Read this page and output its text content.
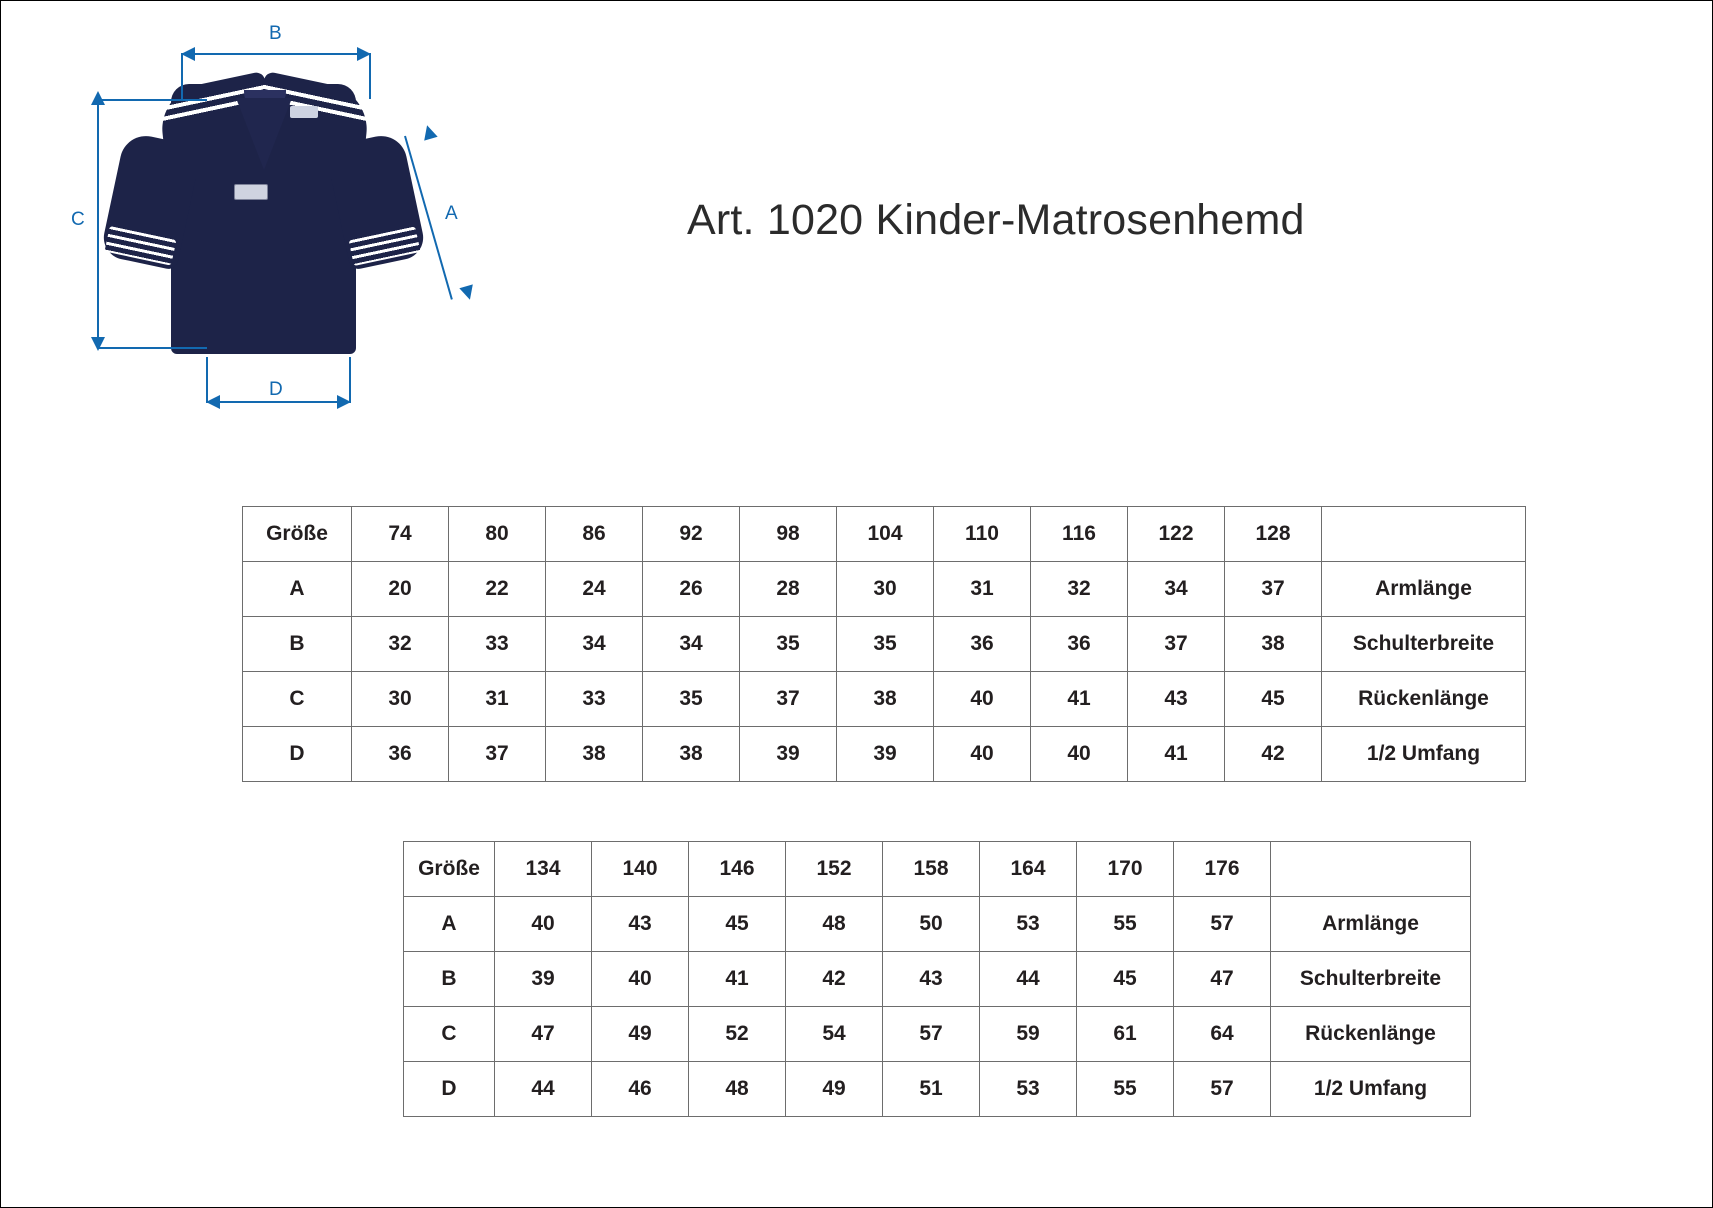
B
C	A
D
Art. 1020 Kinder-Matrosenhemd
Größe	74	80	86	92	98	104	110	116	122	128	
A	20	22	24	26	28	30	31	32	34	37	Armlänge
B	32	33	34	34	35	35	36	36	37	38	Schulterbreite
C	30	31	33	35	37	38	40	41	43	45	Rückenlänge
D	36	37	38	38	39	39	40	40	41	42	1/2 Umfang
Größe	134	140	146	152	158	164	170	176	
A	40	43	45	48	50	53	55	57	Armlänge
B	39	40	41	42	43	44	45	47	Schulterbreite
C	47	49	52	54	57	59	61	64	Rückenlänge
D	44	46	48	49	51	53	55	57	1/2 Umfang
